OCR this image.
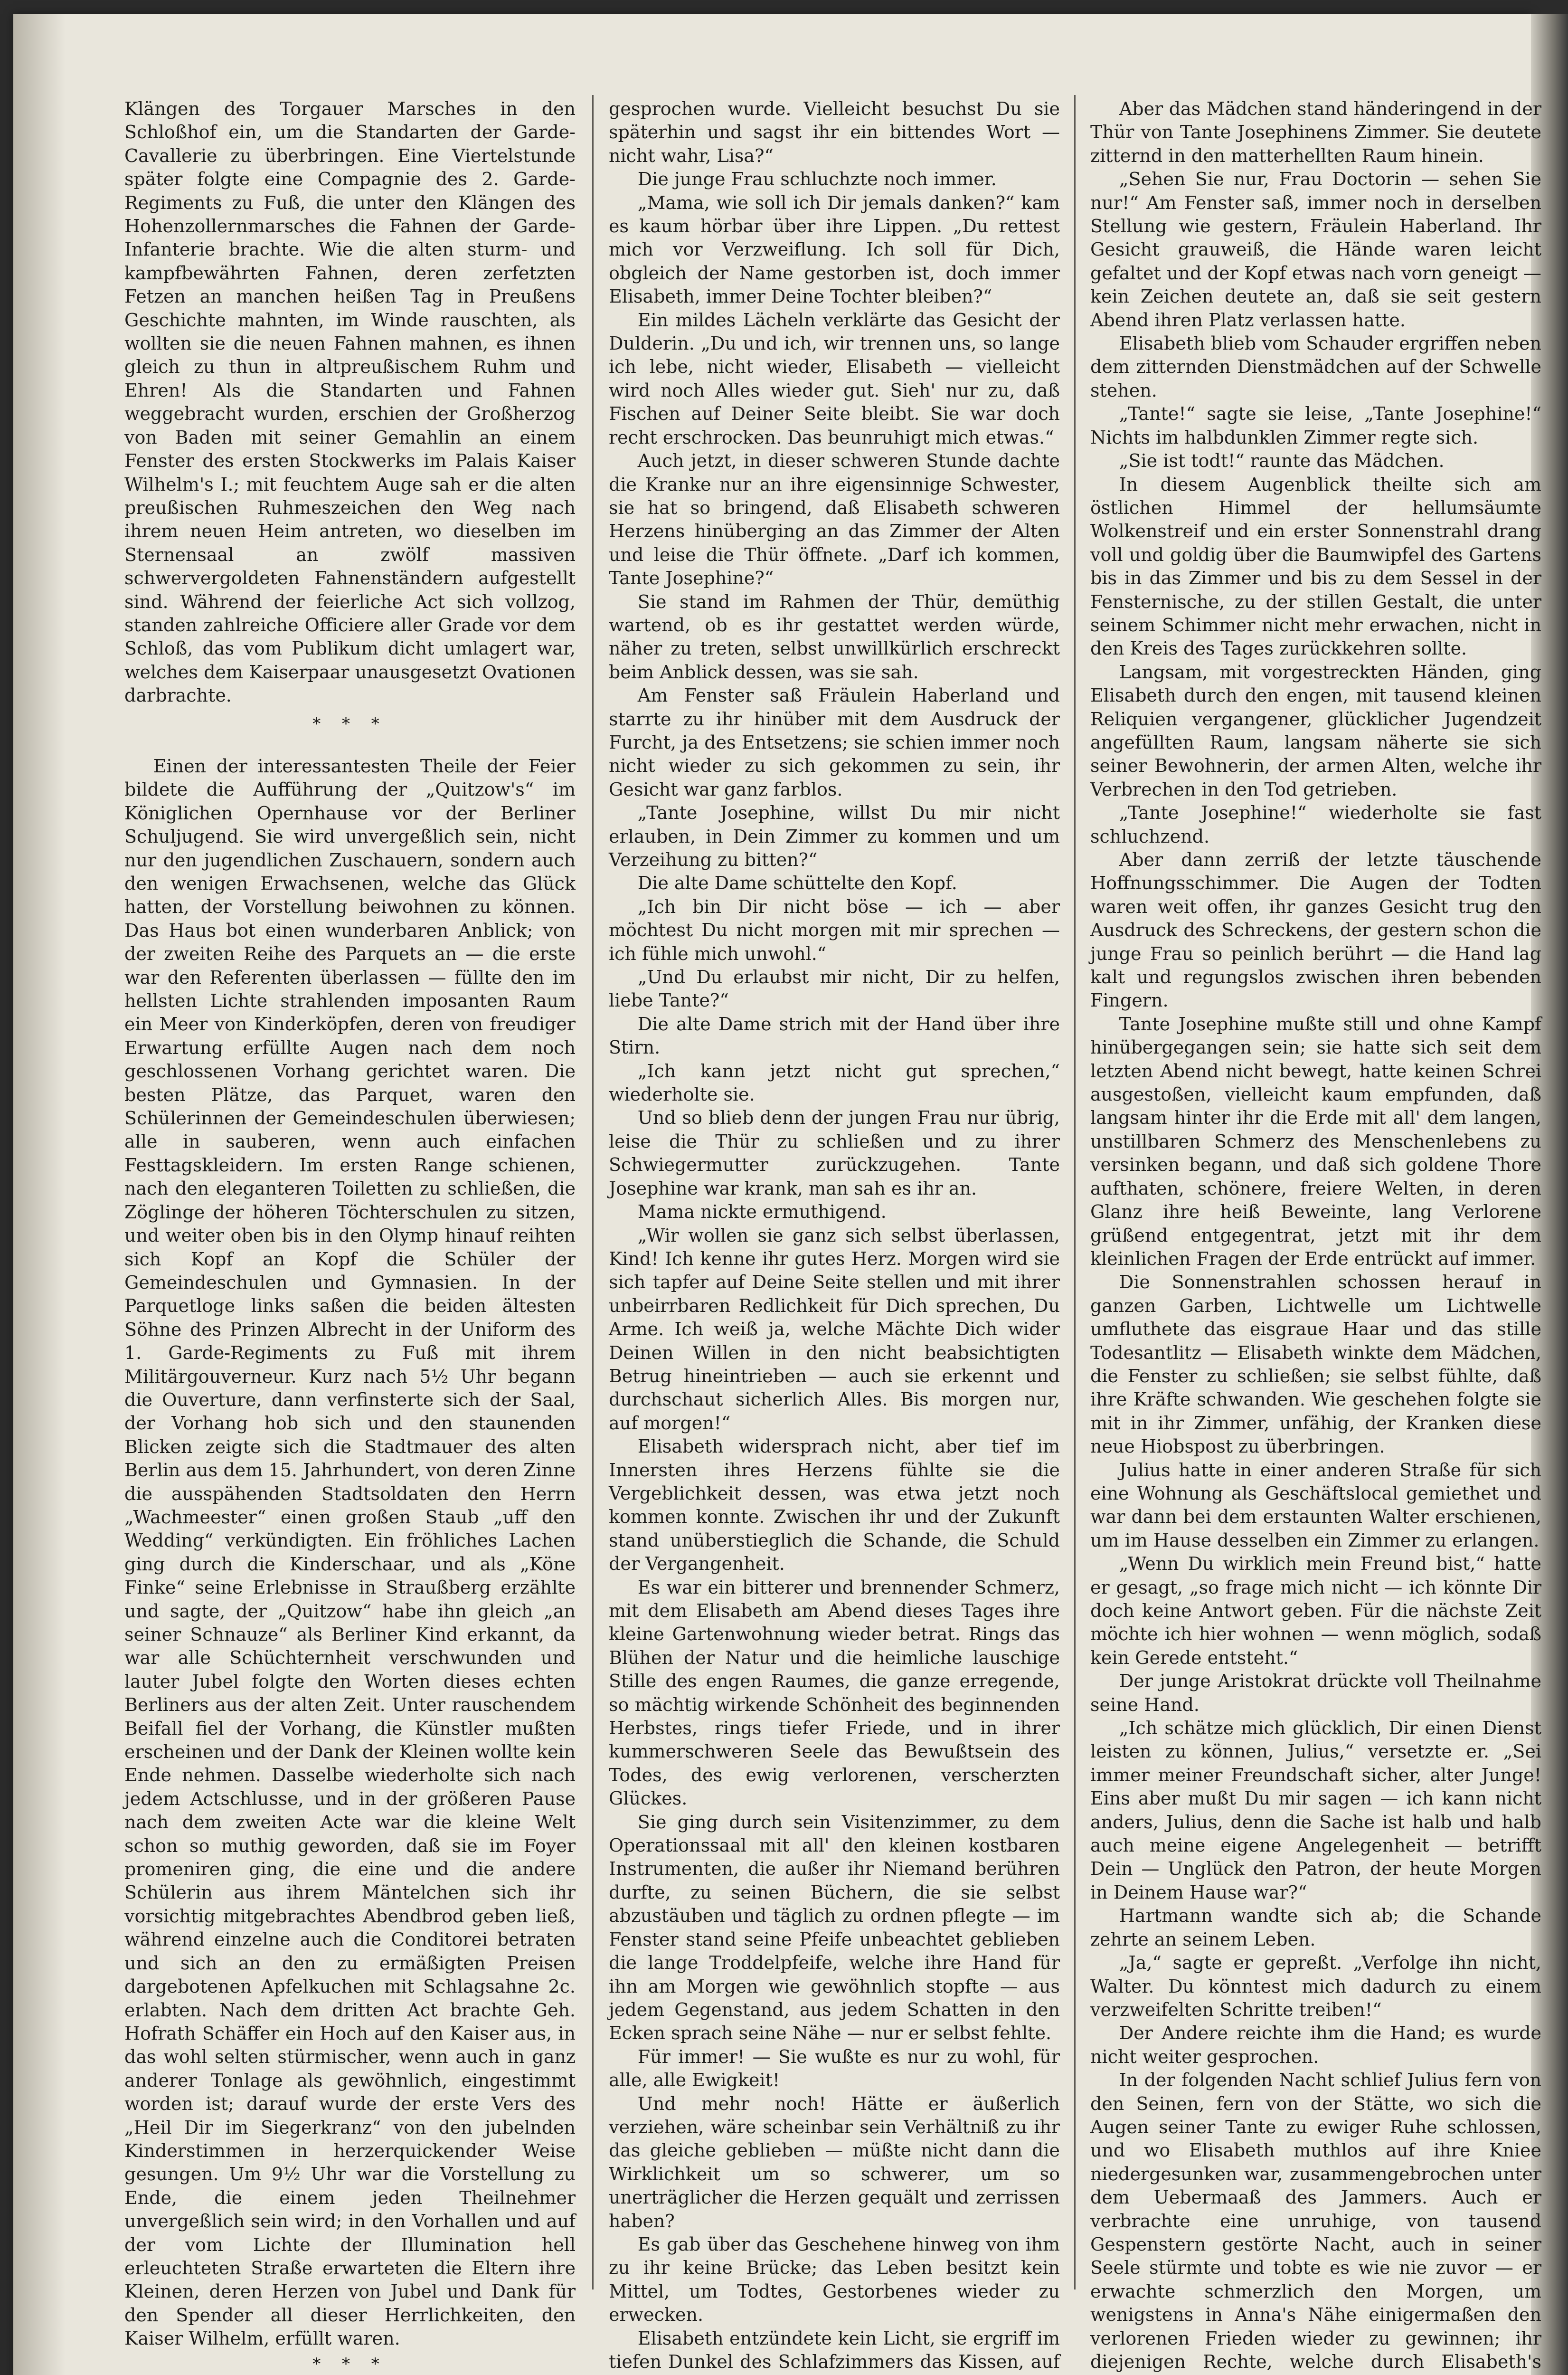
Klängen des Torgauer Marsches in den Schloßhof ein, um die Standarten der Garde-Cavallerie zu überbringen. Eine Viertelstunde später folgte eine Compagnie des 2. Garde-Regiments zu Fuß, die unter den Klängen des Hohenzollernmarsches die Fahnen der Garde-Infanterie brachte. Wie die alten sturm- und kampfbewährten Fahnen, deren zerfetzten Fetzen an manchen heißen Tag in Preußens Geschichte mahnten, im Winde rauschten, als wollten sie die neuen Fahnen mahnen, es ihnen gleich zu thun in altpreußischem Ruhm und Ehren! Als die Standarten und Fahnen weggebracht wurden, erschien der Großherzog von Baden mit seiner Gemahlin an einem Fenster des ersten Stockwerks im Palais Kaiser Wilhelm's I.; mit feuchtem Auge sah er die alten preußischen Ruhmeszeichen den Weg nach ihrem neuen Heim antreten, wo dieselben im Sternensaal an zwölf massiven schwervergoldeten Fahnenständern aufgestellt sind. Während der feierliche Act sich vollzog, standen zahlreiche Officiere aller Grade vor dem Schloß, das vom Publikum dicht umlagert war, welches dem Kaiserpaar unausgesetzt Ovationen darbrachte.

* * *

Einen der interessantesten Theile der Feier bildete die Aufführung der „Quitzow's“ im Königlichen Opernhause vor der Berliner Schuljugend. Sie wird unvergeßlich sein, nicht nur den jugendlichen Zuschauern, sondern auch den wenigen Erwachsenen, welche das Glück hatten, der Vorstellung beiwohnen zu können. Das Haus bot einen wunderbaren Anblick; von der zweiten Reihe des Parquets an — die erste war den Referenten überlassen — füllte den im hellsten Lichte strahlenden imposanten Raum ein Meer von Kinderköpfen, deren von freudiger Erwartung erfüllte Augen nach dem noch geschlossenen Vorhang gerichtet waren. Die besten Plätze, das Parquet, waren den Schülerinnen der Gemeindeschulen überwiesen; alle in sauberen, wenn auch einfachen Festtagskleidern. Im ersten Range schienen, nach den eleganteren Toiletten zu schließen, die Zöglinge der höheren Töchterschulen zu sitzen, und weiter oben bis in den Olymp hinauf reihten sich Kopf an Kopf die Schüler der Gemeindeschulen und Gymnasien. In der Parquetloge links saßen die beiden ältesten Söhne des Prinzen Albrecht in der Uniform des 1. Garde-Regiments zu Fuß mit ihrem Militärgouverneur. Kurz nach 5½ Uhr begann die Ouverture, dann verfinsterte sich der Saal, der Vorhang hob sich und den staunenden Blicken zeigte sich die Stadtmauer des alten Berlin aus dem 15. Jahrhundert, von deren Zinne die ausspähenden Stadtsoldaten den Herrn „Wachmeester“ einen großen Staub „uff den Wedding“ verkündigten. Ein fröhliches Lachen ging durch die Kinderschaar, und als „Köne Finke“ seine Erlebnisse in Straußberg erzählte und sagte, der „Quitzow“ habe ihn gleich „an seiner Schnauze“ als Berliner Kind erkannt, da war alle Schüchternheit verschwunden und lauter Jubel folgte den Worten dieses echten Berliners aus der alten Zeit. Unter rauschendem Beifall fiel der Vorhang, die Künstler mußten erscheinen und der Dank der Kleinen wollte kein Ende nehmen. Dasselbe wiederholte sich nach jedem Actschlusse, und in der größeren Pause nach dem zweiten Acte war die kleine Welt schon so muthig geworden, daß sie im Foyer promeniren ging, die eine und die andere Schülerin aus ihrem Mäntelchen sich ihr vorsichtig mitgebrachtes Abendbrod geben ließ, während einzelne auch die Conditorei betraten und sich an den zu ermäßigten Preisen dargebotenen Apfelkuchen mit Schlagsahne 2c. erlabten. Nach dem dritten Act brachte Geh. Hofrath Schäffer ein Hoch auf den Kaiser aus, in das wohl selten stürmischer, wenn auch in ganz anderer Tonlage als gewöhnlich, eingestimmt worden ist; darauf wurde der erste Vers des „Heil Dir im Siegerkranz“ von den jubelnden Kinderstimmen in herzerquickender Weise gesungen. Um 9½ Uhr war die Vorstellung zu Ende, die einem jeden Theilnehmer unvergeßlich sein wird; in den Vorhallen und auf der vom Lichte der Illumination hell erleuchteten Straße erwarteten die Eltern ihre Kleinen, deren Herzen von Jubel und Dank für den Spender all dieser Herrlichkeiten, den Kaiser Wilhelm, erfüllt waren.

* * *

gesprochen wurde. Vielleicht besuchst Du sie späterhin und sagst ihr ein bittendes Wort — nicht wahr, Lisa?“

Die junge Frau schluchzte noch immer.

„Mama, wie soll ich Dir jemals danken?“ kam es kaum hörbar über ihre Lippen. „Du rettest mich vor Verzweiflung. Ich soll für Dich, obgleich der Name gestorben ist, doch immer Elisabeth, immer Deine Tochter bleiben?“

Ein mildes Lächeln verklärte das Gesicht der Dulderin. „Du und ich, wir trennen uns, so lange ich lebe, nicht wieder, Elisabeth — vielleicht wird noch Alles wieder gut. Sieh' nur zu, daß Fischen auf Deiner Seite bleibt. Sie war doch recht erschrocken. Das beunruhigt mich etwas.“

Auch jetzt, in dieser schweren Stunde dachte die Kranke nur an ihre eigensinnige Schwester, sie hat so bringend, daß Elisabeth schweren Herzens hinüberging an das Zimmer der Alten und leise die Thür öffnete. „Darf ich kommen, Tante Josephine?“

Sie stand im Rahmen der Thür, demüthig wartend, ob es ihr gestattet werden würde, näher zu treten, selbst unwillkürlich erschreckt beim Anblick dessen, was sie sah.

Am Fenster saß Fräulein Haberland und starrte zu ihr hinüber mit dem Ausdruck der Furcht, ja des Entsetzens; sie schien immer noch nicht wieder zu sich gekommen zu sein, ihr Gesicht war ganz farblos.

„Tante Josephine, willst Du mir nicht erlauben, in Dein Zimmer zu kommen und um Verzeihung zu bitten?“

Die alte Dame schüttelte den Kopf.

„Ich bin Dir nicht böse — ich — aber möchtest Du nicht morgen mit mir sprechen — ich fühle mich unwohl.“

„Und Du erlaubst mir nicht, Dir zu helfen, liebe Tante?“

Die alte Dame strich mit der Hand über ihre Stirn.

„Ich kann jetzt nicht gut sprechen,“ wiederholte sie.

Und so blieb denn der jungen Frau nur übrig, leise die Thür zu schließen und zu ihrer Schwiegermutter zurückzugehen. Tante Josephine war krank, man sah es ihr an.

Mama nickte ermuthigend.

„Wir wollen sie ganz sich selbst überlassen, Kind! Ich kenne ihr gutes Herz. Morgen wird sie sich tapfer auf Deine Seite stellen und mit ihrer unbeirrbaren Redlichkeit für Dich sprechen, Du Arme. Ich weiß ja, welche Mächte Dich wider Deinen Willen in den nicht beabsichtigten Betrug hineintrieben — auch sie erkennt und durchschaut sicherlich Alles. Bis morgen nur, auf morgen!“

Elisabeth widersprach nicht, aber tief im Innersten ihres Herzens fühlte sie die Vergeblichkeit dessen, was etwa jetzt noch kommen konnte. Zwischen ihr und der Zukunft stand unüberstieglich die Schande, die Schuld der Vergangenheit.

Es war ein bitterer und brennender Schmerz, mit dem Elisabeth am Abend dieses Tages ihre kleine Gartenwohnung wieder betrat. Rings das Blühen der Natur und die heimliche lauschige Stille des engen Raumes, die ganze erregende, so mächtig wirkende Schönheit des beginnenden Herbstes, rings tiefer Friede, und in ihrer kummerschweren Seele das Bewußtsein des Todes, des ewig verlorenen, verscherzten Glückes.

Sie ging durch sein Visitenzimmer, zu dem Operationssaal mit all' den kleinen kostbaren Instrumenten, die außer ihr Niemand berühren durfte, zu seinen Büchern, die sie selbst abzustäuben und täglich zu ordnen pflegte — im Fenster stand seine Pfeife unbeachtet geblieben die lange Troddelpfeife, welche ihre Hand für ihn am Morgen wie gewöhnlich stopfte — aus jedem Gegenstand, aus jedem Schatten in den Ecken sprach seine Nähe — nur er selbst fehlte.

Für immer! — Sie wußte es nur zu wohl, für alle, alle Ewigkeit!

Und mehr noch! Hätte er äußerlich verziehen, wäre scheinbar sein Verhältniß zu ihr das gleiche geblieben — müßte nicht dann die Wirklichkeit um so schwerer, um so unerträglicher die Herzen gequält und zerrissen haben?

Es gab über das Geschehene hinweg von ihm zu ihr keine Brücke; das Leben besitzt kein Mittel, um Todtes, Gestorbenes wieder zu erwecken.

Elisabeth entzündete kein Licht, sie ergriff im tiefen Dunkel des Schlafzimmers das Kissen, auf

Aber das Mädchen stand händeringend in der Thür von Tante Josephinens Zimmer. Sie deutete zitternd in den matterhellten Raum hinein.

„Sehen Sie nur, Frau Doctorin — sehen Sie nur!“ Am Fenster saß, immer noch in derselben Stellung wie gestern, Fräulein Haberland. Ihr Gesicht grauweiß, die Hände waren leicht gefaltet und der Kopf etwas nach vorn geneigt — kein Zeichen deutete an, daß sie seit gestern Abend ihren Platz verlassen hatte.

Elisabeth blieb vom Schauder ergriffen neben dem zitternden Dienstmädchen auf der Schwelle stehen.

„Tante!“ sagte sie leise, „Tante Josephine!“ Nichts im halbdunklen Zimmer regte sich.

„Sie ist todt!“ raunte das Mädchen.

In diesem Augenblick theilte sich am östlichen Himmel der hellumsäumte Wolkenstreif und ein erster Sonnenstrahl drang voll und goldig über die Baumwipfel des Gartens bis in das Zimmer und bis zu dem Sessel in der Fensternische, zu der stillen Gestalt, die unter seinem Schimmer nicht mehr erwachen, nicht in den Kreis des Tages zurückkehren sollte.

Langsam, mit vorgestreckten Händen, ging Elisabeth durch den engen, mit tausend kleinen Reliquien vergangener, glücklicher Jugendzeit angefüllten Raum, langsam näherte sie sich seiner Bewohnerin, der armen Alten, welche ihr Verbrechen in den Tod getrieben.

„Tante Josephine!“ wiederholte sie fast schluchzend.

Aber dann zerriß der letzte täuschende Hoffnungsschimmer. Die Augen der Todten waren weit offen, ihr ganzes Gesicht trug den Ausdruck des Schreckens, der gestern schon die junge Frau so peinlich berührt — die Hand lag kalt und regungslos zwischen ihren bebenden Fingern.

Tante Josephine mußte still und ohne Kampf hinübergegangen sein; sie hatte sich seit dem letzten Abend nicht bewegt, hatte keinen Schrei ausgestoßen, vielleicht kaum empfunden, daß langsam hinter ihr die Erde mit all' dem langen, unstillbaren Schmerz des Menschenlebens zu versinken begann, und daß sich goldene Thore aufthaten, schönere, freiere Welten, in deren Glanz ihre heiß Beweinte, lang Verlorene grüßend entgegentrat, jetzt mit ihr dem kleinlichen Fragen der Erde entrückt auf immer.

Die Sonnenstrahlen schossen herauf in ganzen Garben, Lichtwelle um Lichtwelle umfluthete das eisgraue Haar und das stille Todesantlitz — Elisabeth winkte dem Mädchen, die Fenster zu schließen; sie selbst fühlte, daß ihre Kräfte schwanden. Wie geschehen folgte sie mit in ihr Zimmer, unfähig, der Kranken diese neue Hiobspost zu überbringen.

Julius hatte in einer anderen Straße für sich eine Wohnung als Geschäftslocal gemiethet und war dann bei dem erstaunten Walter erschienen, um im Hause desselben ein Zimmer zu erlangen.

„Wenn Du wirklich mein Freund bist,“ hatte er gesagt, „so frage mich nicht — ich könnte Dir doch keine Antwort geben. Für die nächste Zeit möchte ich hier wohnen — wenn möglich, sodaß kein Gerede entsteht.“

Der junge Aristokrat drückte voll Theilnahme seine Hand.

„Ich schätze mich glücklich, Dir einen Dienst leisten zu können, Julius,“ versetzte er. „Sei immer meiner Freundschaft sicher, alter Junge! Eins aber mußt Du mir sagen — ich kann nicht anders, Julius, denn die Sache ist halb und halb auch meine eigene Angelegenheit — betrifft Dein — Unglück den Patron, der heute Morgen in Deinem Hause war?“

Hartmann wandte sich ab; die Schande zehrte an seinem Leben.

„Ja,“ sagte er gepreßt. „Verfolge ihn nicht, Walter. Du könntest mich dadurch zu einem verzweifelten Schritte treiben!“

Der Andere reichte ihm die Hand; es wurde nicht weiter gesprochen.

In der folgenden Nacht schlief Julius fern von den Seinen, fern von der Stätte, wo sich die Augen seiner Tante zu ewiger Ruhe schlossen, und wo Elisabeth muthlos auf ihre Kniee niedergesunken war, zusammengebrochen unter dem Uebermaaß des Jammers. Auch er verbrachte eine unruhige, von tausend Gespenstern gestörte Nacht, auch in seiner Seele stürmte und tobte es wie nie zuvor — er erwachte schmerzlich den Morgen, um wenigstens in Anna's Nähe einigermaßen den verlorenen Frieden wieder zu gewinnen; ihr diejenigen Rechte, welche durch Elisabeth's
